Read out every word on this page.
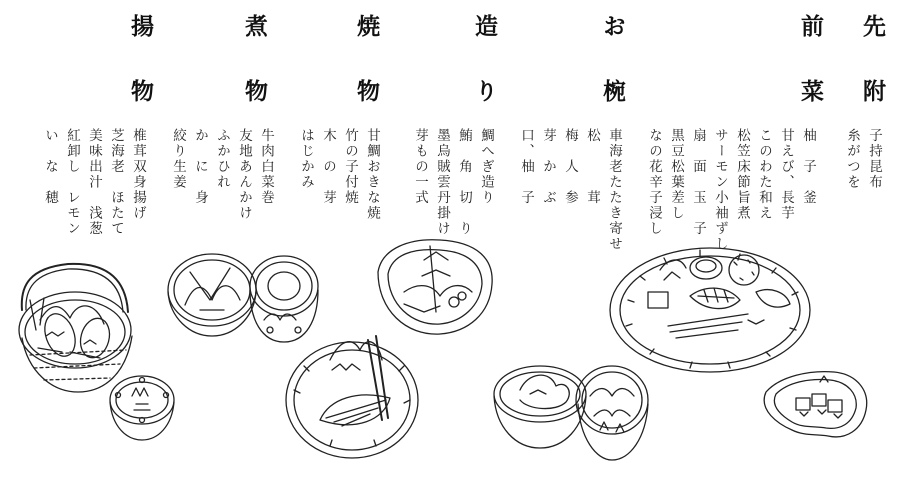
先附
前菜
お椀
造り
焼物
煮物
揚物
子持昆布
糸がつを
柚　子　釜
甘えび、長芋
このわた和え
松笠床節旨煮
サーモン小袖ずし
扇　面　玉　子
黒豆松葉差し
なの花辛子浸し
車海老たたき寄せ
松　　　茸
梅　人　参
芽　か　ぶ
口、柚　子
鯛へぎ造り
鮪　角　切　り
墨烏賊雲丹掛け
芽もの一式
甘鯛おきな焼
竹の子付焼
木　の　芽
はじかみ
牛肉白菜巻
友地あんかけ
ふかひれ
か　に　身
絞り生姜
椎茸双身揚げ
芝海老　ほたて
美味出汁　浅葱
紅卸し　レモン
い　な　穂
